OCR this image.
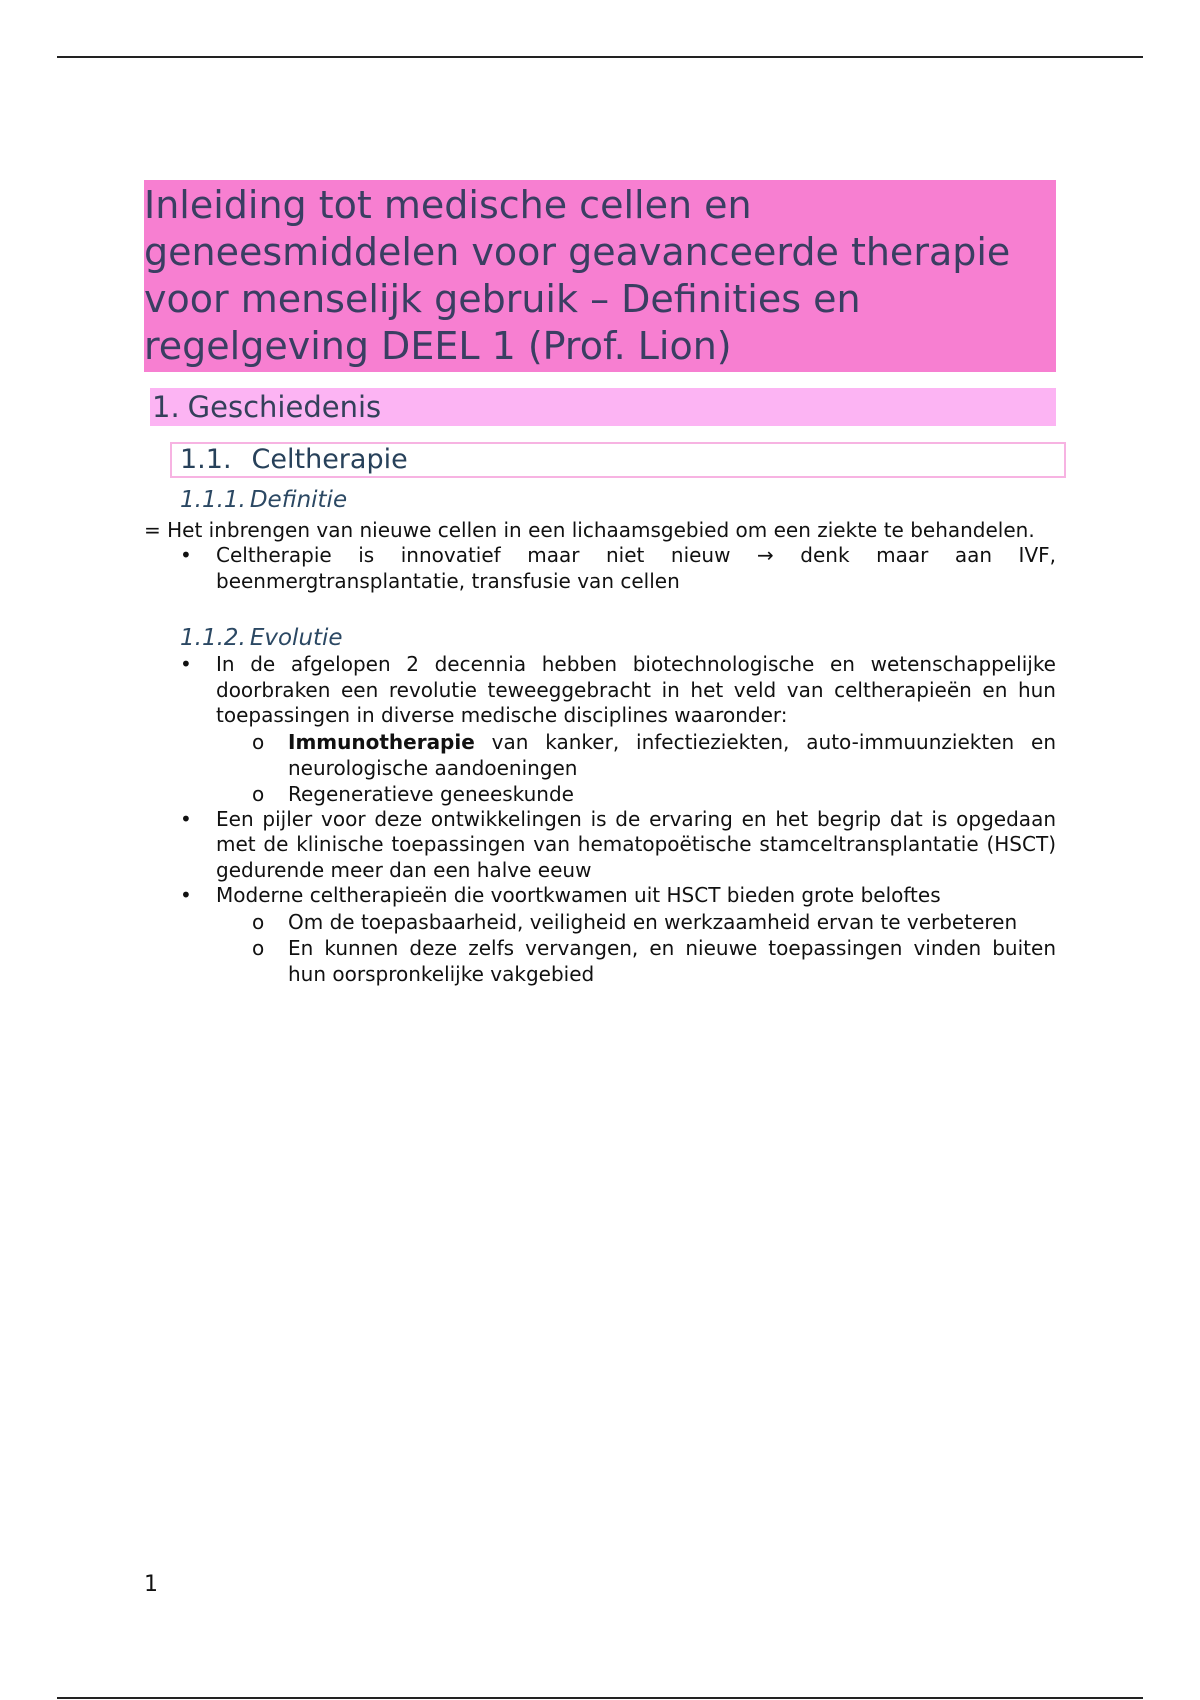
Inleiding tot medische cellen en geneesmiddelen voor geavanceerde therapie voor menselijk gebruik – Definities en regelgeving DEEL 1 (Prof. Lion)
1. Geschiedenis
1.1. Celtherapie
1.1.1. Definitie

= Het inbrengen van nieuwe cellen in een lichaamsgebied om een ziekte te behandelen.

• Celtherapie is innovatief maar niet nieuw → denk maar aan IVF, beenmergtransplantatie, transfusie van cellen
1.1.2. Evolutie
• In de afgelopen 2 decennia hebben biotechnologische en wetenschappelijke doorbraken een revolutie teweeggebracht in het veld van celtherapieën en hun toepassingen in diverse medische disciplines waaronder:
o Immunotherapie van kanker, infectieziekten, auto-immuunziekten en neurologische aandoeningen
o Regeneratieve geneeskunde
• Een pijler voor deze ontwikkelingen is de ervaring en het begrip dat is opgedaan met de klinische toepassingen van hematopoëtische stamceltransplantatie (HSCT) gedurende meer dan een halve eeuw
• Moderne celtherapieën die voortkwamen uit HSCT bieden grote beloftes
o Om de toepasbaarheid, veiligheid en werkzaamheid ervan te verbeteren
o En kunnen deze zelfs vervangen, en nieuwe toepassingen vinden buiten hun oorspronkelijke vakgebied
1
